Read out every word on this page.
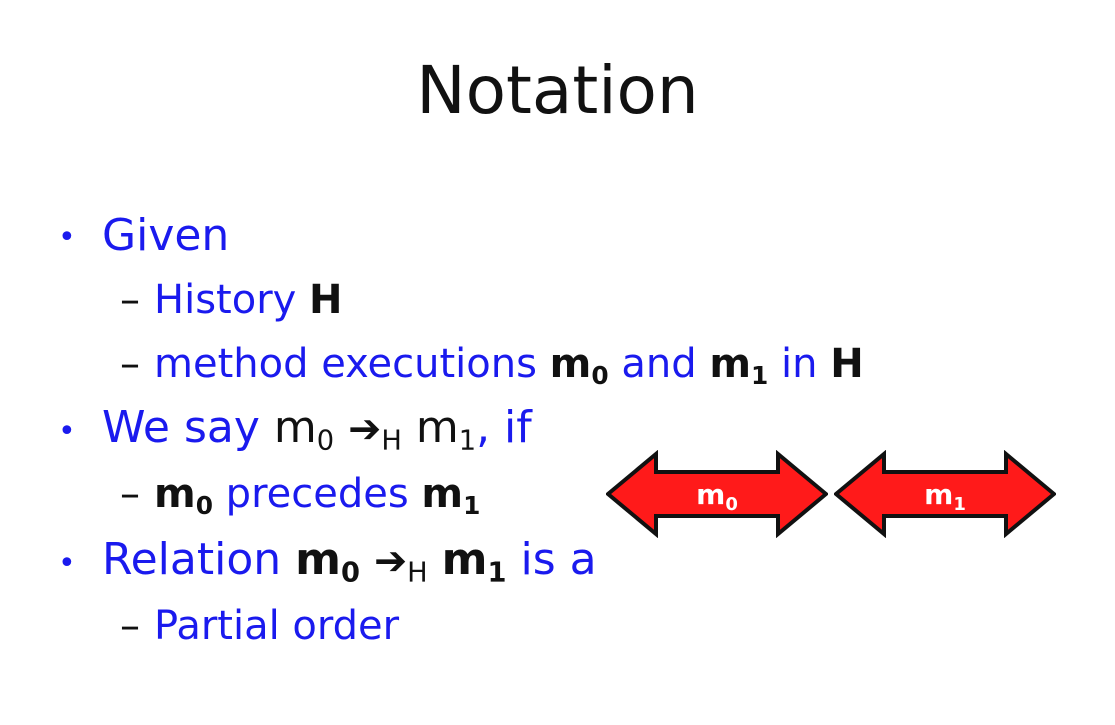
Notation
• Given
– History H
– method executions $m_0$ and $m_1$ in H
• We say $m_0$ $➔_H$ $m_1$, if
– $m_0$ precedes $m_1$
• Relation $m_0$ $➔_H$ $m_1$ is a
– Partial order
$m_0$	$m_1$
